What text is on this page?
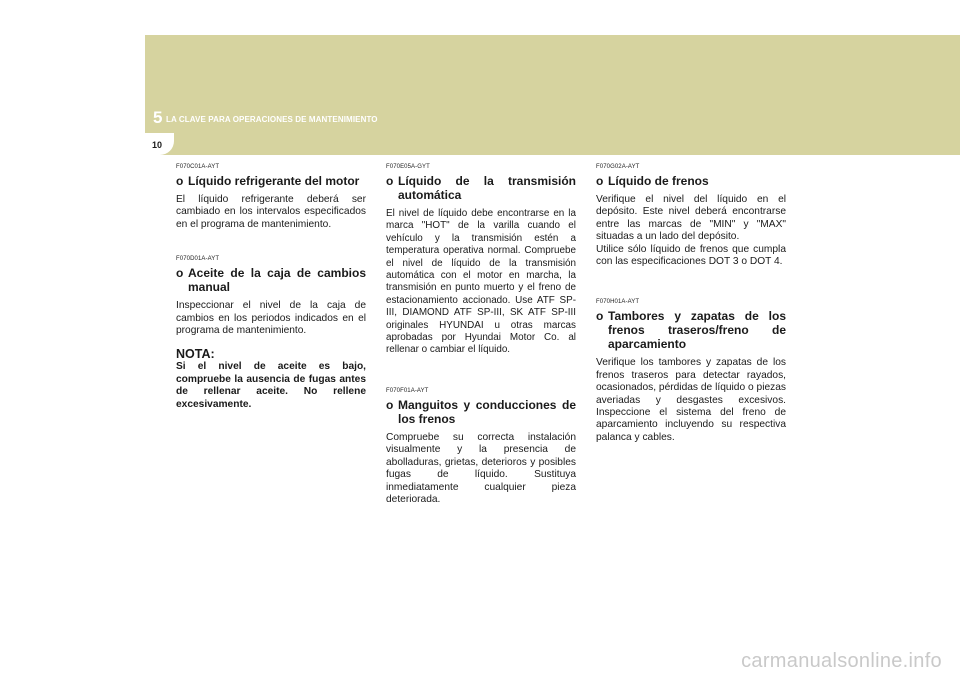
5 LA CLAVE PARA OPERACIONES DE MANTENIMIENTO
10
F070C01A-AYT
o Líquido refrigerante del motor

El líquido refrigerante deberá ser cambiado en los intervalos especificados en el programa de mantenimiento.

F070D01A-AYT
o Aceite de la caja de cambios manual

Inspeccionar el nivel de la caja de cambios en los periodos indicados en el programa de mantenimiento.

NOTA:

Si el nivel de aceite es bajo, compruebe la ausencia de fugas antes de rellenar aceite. No rellene excesivamente.

F070E05A-GYT
o Líquido de la transmisión automática

El nivel de líquido debe encontrarse en la marca "HOT" de la varilla cuando el vehículo y la transmisión estén a temperatura operativa normal. Compruebe el nivel de líquido de la transmisión automática con el motor en marcha, la transmisión en punto muerto y el freno de estacionamiento accionado. Use ATF SP-III, DIAMOND ATF SP-III, SK ATF SP-III originales HYUNDAI u otras marcas aprobadas por Hyundai Motor Co. al rellenar o cambiar el líquido.

F070F01A-AYT
o Manguitos y conducciones de los frenos

Compruebe su correcta instalación visualmente y la presencia de abolladuras, grietas, deterioros y posibles fugas de líquido. Sustituya inmediatamente cualquier pieza deteriorada.

F070G02A-AYT
o Líquido de frenos

Verifique el nivel del líquido en el depósito. Este nivel deberá encontrarse entre las marcas de "MIN" y "MAX" situadas a un lado del depósito.

Utilice sólo líquido de frenos que cumpla con las especificaciones DOT 3 o DOT 4.

F070H01A-AYT
o Tambores y zapatas de los frenos traseros/freno de aparcamiento

Verifique los tambores y zapatas de los frenos traseros para detectar rayados, ocasionados, pérdidas de líquido o piezas averiadas y desgastes excesivos. Inspeccione el sistema del freno de aparcamiento incluyendo su respectiva palanca y cables.

carmanualsonline.info
